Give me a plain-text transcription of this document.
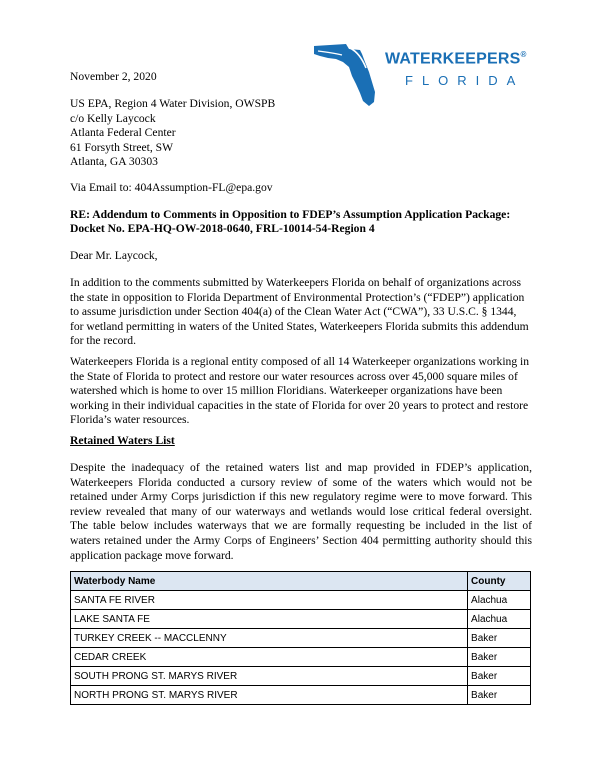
WATERKEEPERS®
FLORIDA
November 2, 2020
US EPA, Region 4 Water Division, OWSPB
c/o Kelly Laycock
Atlanta Federal Center
61 Forsyth Street, SW
Atlanta, GA 30303
Via Email to: 404Assumption-FL@epa.gov
RE: Addendum to Comments in Opposition to FDEP’s Assumption Application Package:
Docket No. EPA-HQ-OW-2018-0640, FRL-10014-54-Region 4
Dear Mr. Laycock,
In addition to the comments submitted by Waterkeepers Florida on behalf of organizations across the state in opposition to Florida Department of Environmental Protection’s (“FDEP”) application to assume jurisdiction under Section 404(a) of the Clean Water Act (“CWA”), 33 U.S.C. § 1344, for wetland permitting in waters of the United States, Waterkeepers Florida submits this addendum for the record.
Waterkeepers Florida is a regional entity composed of all 14 Waterkeeper organizations working in the State of Florida to protect and restore our water resources across over 45,000 square miles of watershed which is home to over 15 million Floridians. Waterkeeper organizations have been working in their individual capacities in the state of Florida for over 20 years to protect and restore Florida’s water resources.
Retained Waters List
Despite the inadequacy of the retained waters list and map provided in FDEP’s application, Waterkeepers Florida conducted a cursory review of some of the waters which would not be retained under Army Corps jurisdiction if this new regulatory regime were to move forward. This review revealed that many of our waterways and wetlands would lose critical federal oversight. The table below includes waterways that we are formally requesting be included in the list of waters retained under the Army Corps of Engineers’ Section 404 permitting authority should this application package move forward.
Waterbody Name	County
SANTA FE RIVER	Alachua
LAKE SANTA FE	Alachua
TURKEY CREEK -- MACCLENNY	Baker
CEDAR CREEK	Baker
SOUTH PRONG ST. MARYS RIVER	Baker
NORTH PRONG ST. MARYS RIVER	Baker
